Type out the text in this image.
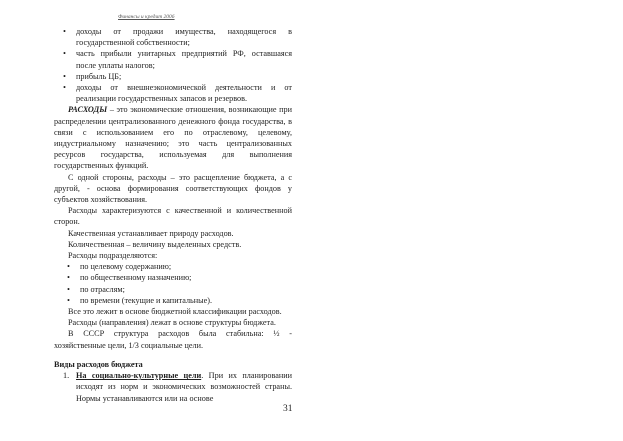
Финансы и кредит 2006
• доходы от продажи имущества, находящегося в государственной собственности;
• часть прибыли унитарных предприятий РФ, оставшаяся после уплаты налогов;
• прибыль ЦБ;
• доходы от внешнеэкономической деятельности и от реализации государственных запасов и резервов.

РАСХОДЫ – это экономические отношения, возникающие при распределении централизованного денежного фонда государства, в связи с использованием его по отраслевому, целевому, индустриальному назначению; это часть централизованных ресурсов государства, используемая для выполнения государственных функций.

С одной стороны, расходы – это расщепление бюджета, а с другой, - основа формирования соответствующих фондов у субъектов хозяйствования.

Расходы характеризуются с качественной и количественной сторон.

Качественная устанавливает природу расходов.

Количественная – величину выделенных средств.

Расходы подразделяются:

• по целевому содержанию;
• по общественному назначению;
• по отраслям;
• по времени (текущие и капитальные).

Все это лежит в основе бюджетной классификации расходов.

Расходы (направления) лежат в основе структуры бюджета.

В СССР структура расходов была стабильна: ½ - хозяйственные цели, 1/3 социальные цели.

Виды расходов бюджета

1. На социально-культурные цели. При их планировании исходят из норм и экономических возможностей страны. Нормы устанавливаются или на основе
31
